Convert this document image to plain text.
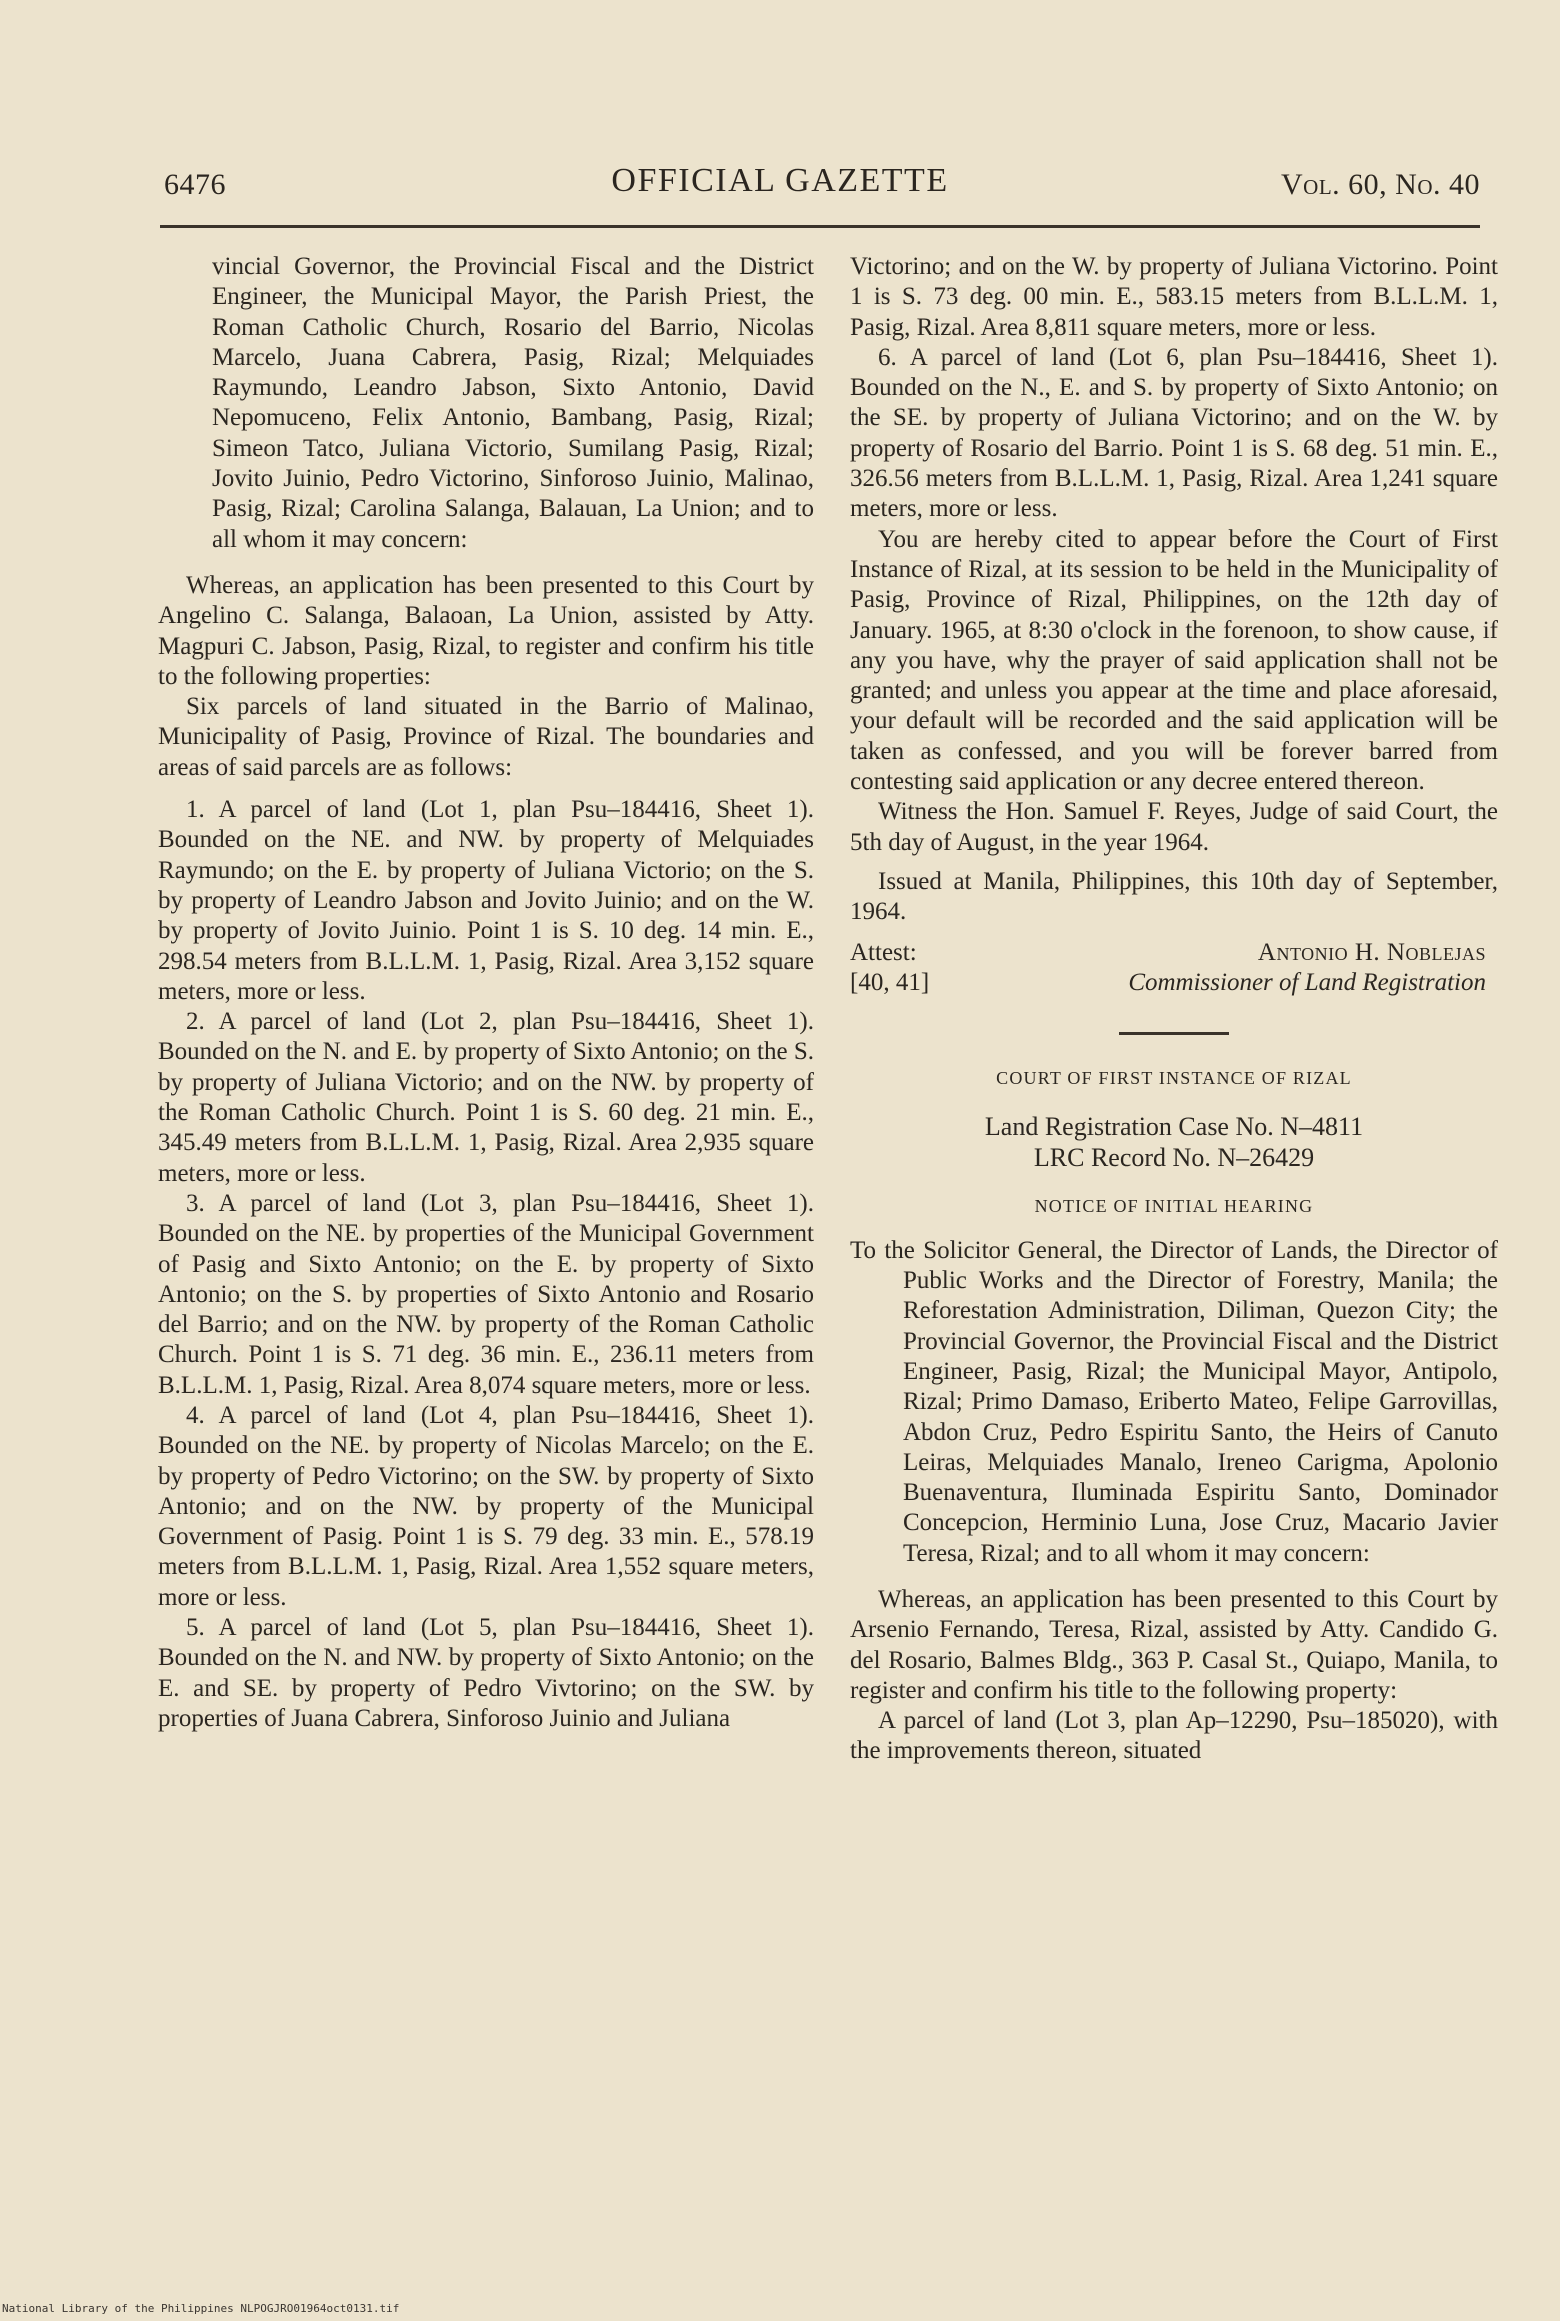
6476	OFFICIAL GAZETTE	Vol. 60, No. 40

vincial Governor, the Provincial Fiscal and the District Engineer, the Municipal Mayor, the Parish Priest, the Roman Catholic Church, Rosario del Barrio, Nicolas Marcelo, Juana Cabrera, Pasig, Rizal; Melquiades Raymundo, Leandro Jabson, Sixto Antonio, David Nepomuceno, Felix Antonio, Bambang, Pasig, Rizal; Simeon Tatco, Juliana Victorio, Sumilang Pasig, Rizal; Jovito Juinio, Pedro Victorino, Sinforoso Juinio, Malinao, Pasig, Rizal; Carolina Salanga, Balauan, La Union; and to all whom it may concern:

Whereas, an application has been presented to this Court by Angelino C. Salanga, Balaoan, La Union, assisted by Atty. Magpuri C. Jabson, Pasig, Rizal, to register and confirm his title to the following properties:

Six parcels of land situated in the Barrio of Malinao, Municipality of Pasig, Province of Rizal. The boundaries and areas of said parcels are as follows:

1. A parcel of land (Lot 1, plan Psu–184416, Sheet 1). Bounded on the NE. and NW. by property of Melquiades Raymundo; on the E. by property of Juliana Victorio; on the S. by property of Leandro Jabson and Jovito Juinio; and on the W. by property of Jovito Juinio. Point 1 is S. 10 deg. 14 min. E., 298.54 meters from B.L.L.M. 1, Pasig, Rizal. Area 3,152 square meters, more or less.

2. A parcel of land (Lot 2, plan Psu–184416, Sheet 1). Bounded on the N. and E. by property of Sixto Antonio; on the S. by property of Juliana Victorio; and on the NW. by property of the Roman Catholic Church. Point 1 is S. 60 deg. 21 min. E., 345.49 meters from B.L.L.M. 1, Pasig, Rizal. Area 2,935 square meters, more or less.

3. A parcel of land (Lot 3, plan Psu–184416, Sheet 1). Bounded on the NE. by properties of the Municipal Government of Pasig and Sixto Antonio; on the E. by property of Sixto Antonio; on the S. by properties of Sixto Antonio and Rosario del Barrio; and on the NW. by property of the Roman Catholic Church. Point 1 is S. 71 deg. 36 min. E., 236.11 meters from B.L.L.M. 1, Pasig, Rizal. Area 8,074 square meters, more or less.

4. A parcel of land (Lot 4, plan Psu–184416, Sheet 1). Bounded on the NE. by property of Nicolas Marcelo; on the E. by property of Pedro Victorino; on the SW. by property of Sixto Antonio; and on the NW. by property of the Municipal Government of Pasig. Point 1 is S. 79 deg. 33 min. E., 578.19 meters from B.L.L.M. 1, Pasig, Rizal. Area 1,552 square meters, more or less.

5. A parcel of land (Lot 5, plan Psu–184416, Sheet 1). Bounded on the N. and NW. by property of Sixto Antonio; on the E. and SE. by property of Pedro Vivtorino; on the SW. by properties of Juana Cabrera, Sinforoso Juinio and Juliana

Victorino; and on the W. by property of Juliana Victorino. Point 1 is S. 73 deg. 00 min. E., 583.15 meters from B.L.L.M. 1, Pasig, Rizal. Area 8,811 square meters, more or less.

6. A parcel of land (Lot 6, plan Psu–184416, Sheet 1). Bounded on the N., E. and S. by property of Sixto Antonio; on the SE. by property of Juliana Victorino; and on the W. by property of Rosario del Barrio. Point 1 is S. 68 deg. 51 min. E., 326.56 meters from B.L.L.M. 1, Pasig, Rizal. Area 1,241 square meters, more or less.

You are hereby cited to appear before the Court of First Instance of Rizal, at its session to be held in the Municipality of Pasig, Province of Rizal, Philippines, on the 12th day of January. 1965, at 8:30 o'clock in the forenoon, to show cause, if any you have, why the prayer of said application shall not be granted; and unless you appear at the time and place aforesaid, your default will be recorded and the said application will be taken as confessed, and you will be forever barred from contesting said application or any decree entered thereon.

Witness the Hon. Samuel F. Reyes, Judge of said Court, the 5th day of August, in the year 1964.

Issued at Manila, Philippines, this 10th day of September, 1964.

Attest:
[40, 41]
Antonio H. Noblejas
Commissioner of Land Registration

COURT OF FIRST INSTANCE OF RIZAL

Land Registration Case No. N–4811

LRC Record No. N–26429

NOTICE OF INITIAL HEARING

To the Solicitor General, the Director of Lands, the Director of Public Works and the Director of Forestry, Manila; the Reforestation Administration, Diliman, Quezon City; the Provincial Governor, the Provincial Fiscal and the District Engineer, Pasig, Rizal; the Municipal Mayor, Antipolo, Rizal; Primo Damaso, Eriberto Mateo, Felipe Garrovillas, Abdon Cruz, Pedro Espiritu Santo, the Heirs of Canuto Leiras, Melquiades Manalo, Ireneo Carigma, Apolonio Buenaventura, Iluminada Espiritu Santo, Dominador Concepcion, Herminio Luna, Jose Cruz, Macario Javier Teresa, Rizal; and to all whom it may concern:

Whereas, an application has been presented to this Court by Arsenio Fernando, Teresa, Rizal, assisted by Atty. Candido G. del Rosario, Balmes Bldg., 363 P. Casal St., Quiapo, Manila, to register and confirm his title to the following property:

A parcel of land (Lot 3, plan Ap–12290, Psu–185020), with the improvements thereon, situated

National Library of the Philippines NLPOGJRO01964oct0131.tif
